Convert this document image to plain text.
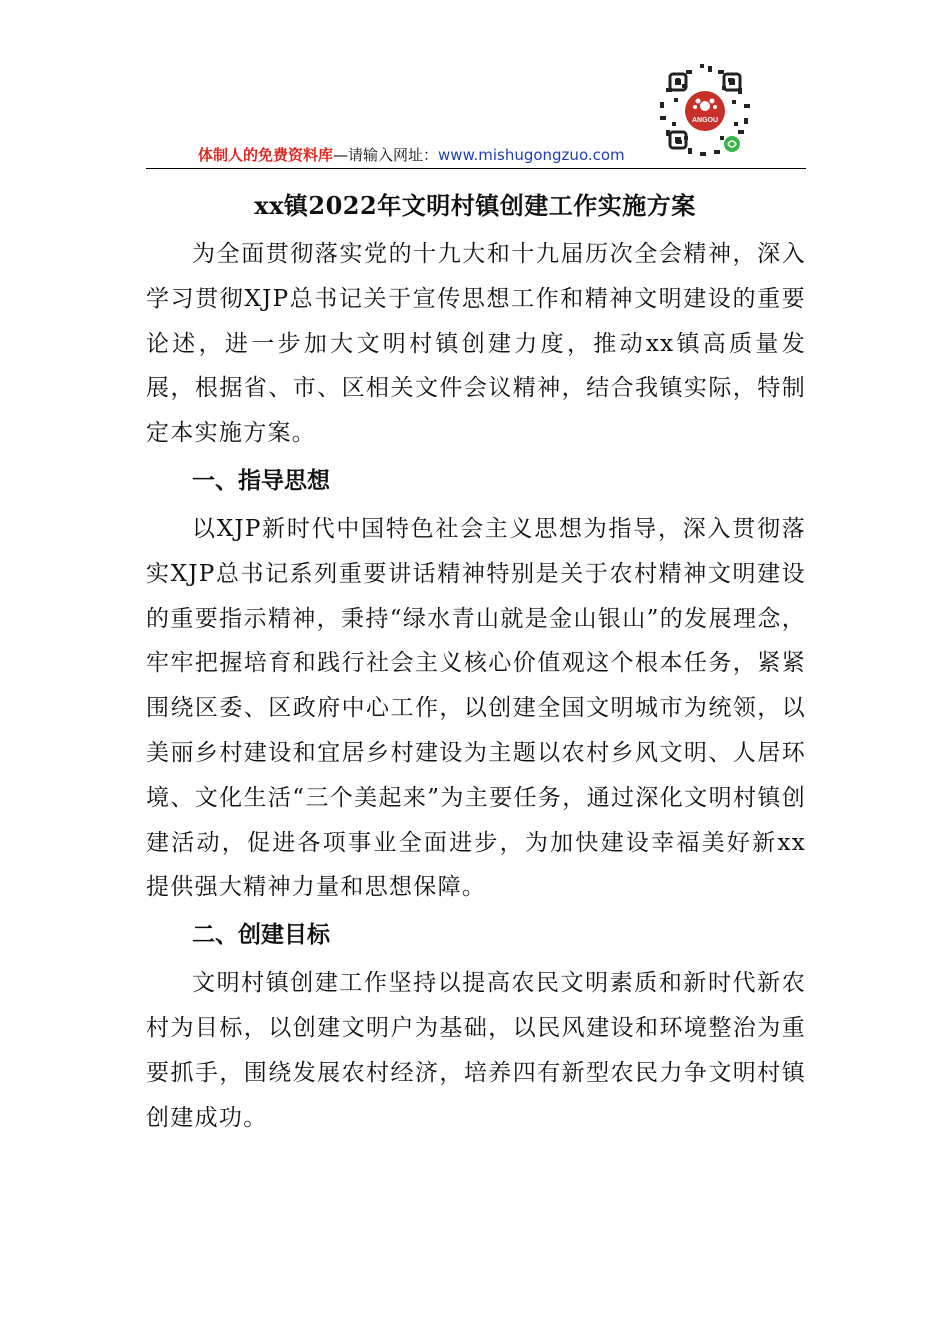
ANGOU
体制人的免费资料库—请输入网址：www.mishugongzuo.com
xx镇2022年文明村镇创建工作实施方案

为全面贯彻落实党的十九大和十九届历次全会精神，深入学习贯彻XJP总书记关于宣传思想工作和精神文明建设的重要论述，进一步加大文明村镇创建力度，推动xx镇高质量发展，根据省、市、区相关文件会议精神，结合我镇实际，特制定本实施方案。

一、指导思想

以XJP新时代中国特色社会主义思想为指导，深入贯彻落实XJP总书记系列重要讲话精神特别是关于农村精神文明建设的重要指示精神，秉持“绿水青山就是金山银山”的发展理念，牢牢把握培育和践行社会主义核心价值观这个根本任务，紧紧围绕区委、区政府中心工作，以创建全国文明城市为统领，以美丽乡村建设和宜居乡村建设为主题以农村乡风文明、人居环境、文化生活“三个美起来”为主要任务，通过深化文明村镇创建活动，促进各项事业全面进步，为加快建设幸福美好新xx提供强大精神力量和思想保障。

二、创建目标

文明村镇创建工作坚持以提高农民文明素质和新时代新农村为目标，以创建文明户为基础，以民风建设和环境整治为重要抓手，围绕发展农村经济，培养四有新型农民力争文明村镇创建成功。
